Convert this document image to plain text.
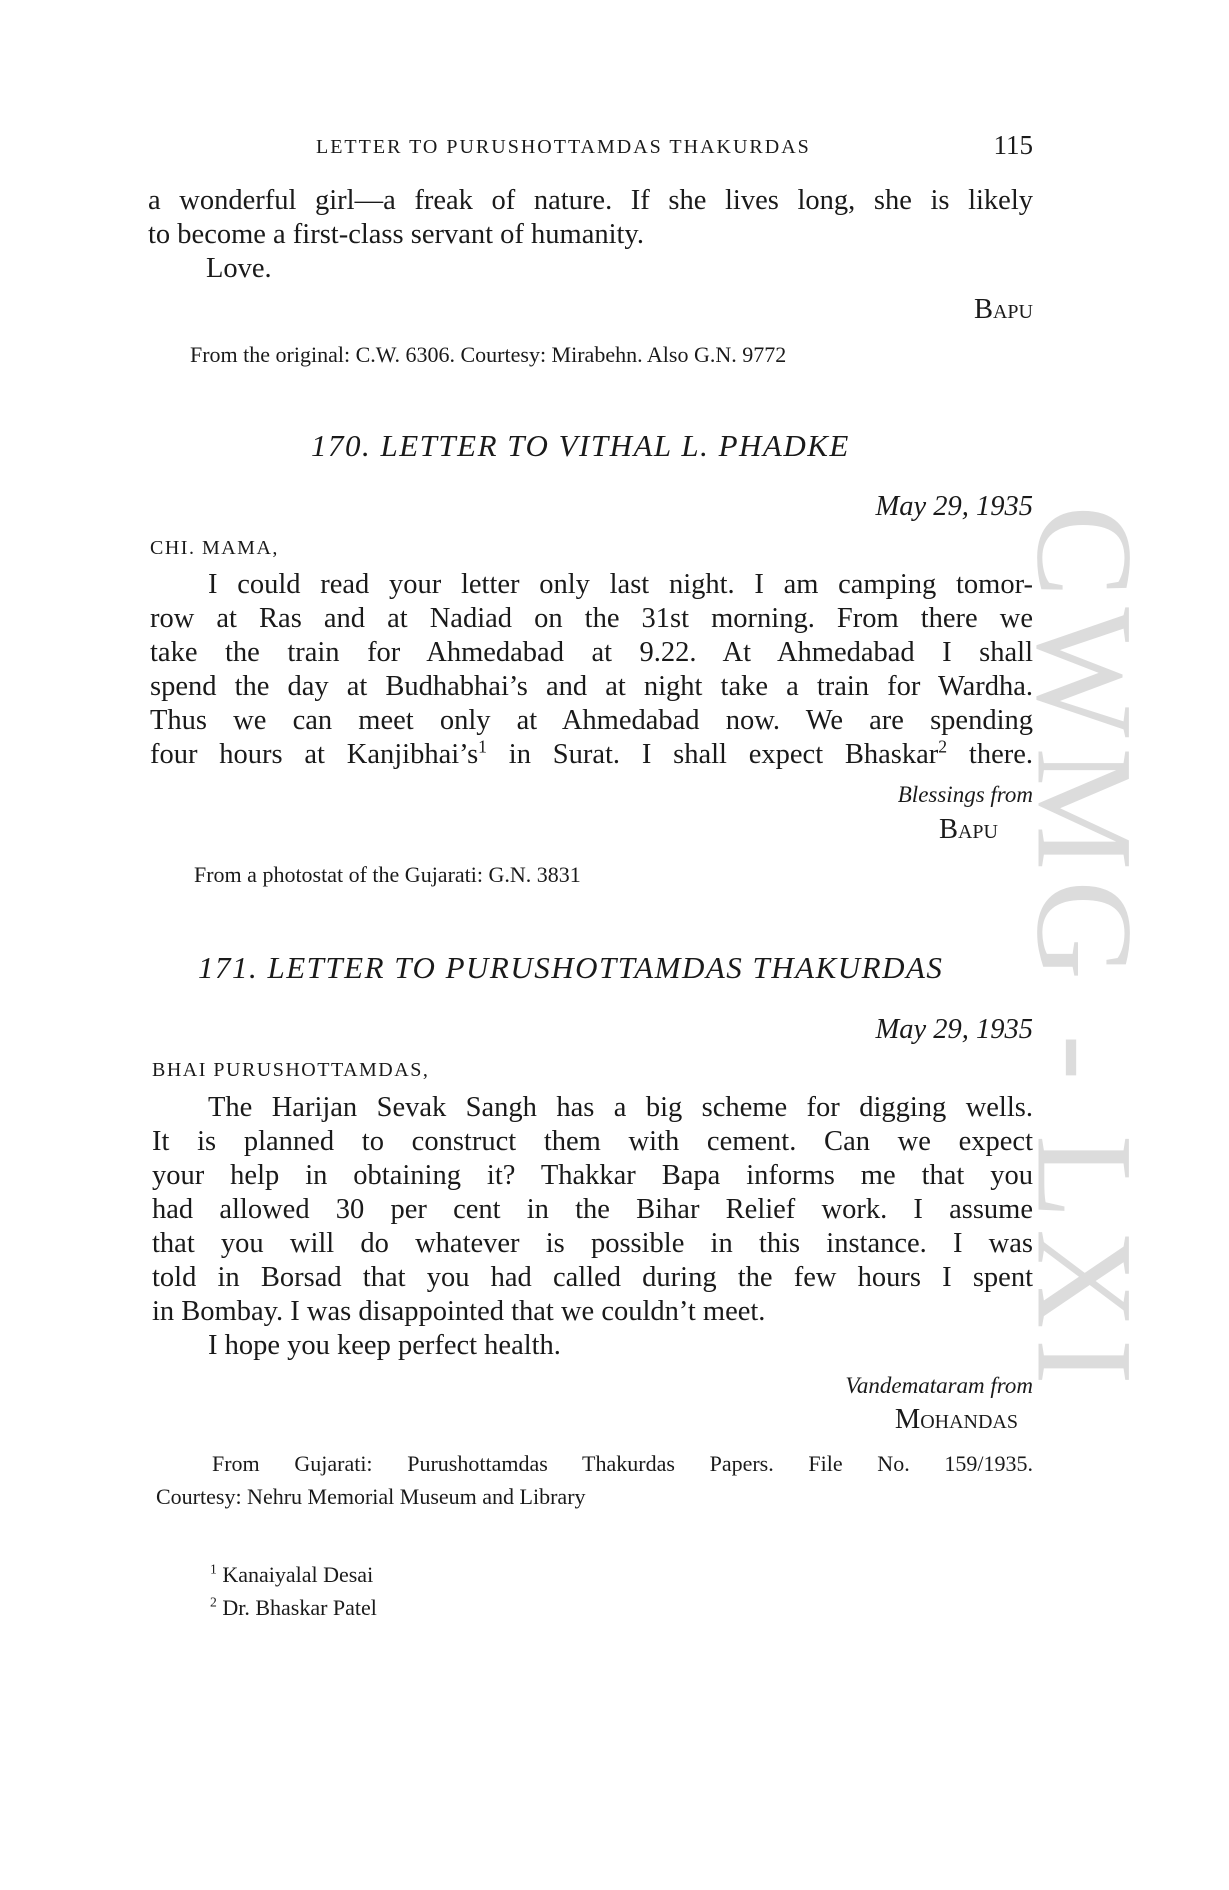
CWMG - LXI
LETTER TO PURUSHOTTAMDAS THAKURDAS	115
a wonderful girl—a freak of nature. If she lives long, she is likely
to become a first-class servant of humanity.
Love.
Bapu
From the original: C.W. 6306. Courtesy: Mirabehn. Also G.N. 9772
170. LETTER TO VITHAL L. PHADKE
May 29, 1935
CHI. MAMA,
I could read your letter only last night. I am camping tomor-
row at Ras and at Nadiad on the 31st morning. From there we
take the train for Ahmedabad at 9.22. At Ahmedabad I shall
spend the day at Budhabhai’s and at night take a train for Wardha.
Thus we can meet only at Ahmedabad now. We are spending
four hours at $Kanjibhai’s^1$ in Surat. I shall expect Bhaskar$^2$ there.
Blessings from
Bapu
From a photostat of the Gujarati: G.N. 3831
171. LETTER TO PURUSHOTTAMDAS THAKURDAS
May 29, 1935
BHAI PURUSHOTTAMDAS,
The Harijan Sevak Sangh has a big scheme for digging wells.
It is planned to construct them with cement. Can we expect
your help in obtaining it? Thakkar Bapa informs me that you
had allowed 30 per cent in the Bihar Relief work. I assume
that you will do whatever is possible in this instance. I was
told in Borsad that you had called during the few hours I spent
in Bombay. I was disappointed that we couldn’t meet.
I hope you keep perfect health.
Vandemataram from
Mohandas
From Gujarati: Purushottamdas Thakurdas Papers. File No. 159/1935.
Courtesy: Nehru Memorial Museum and Library
$^1$ Kanaiyalal Desai
$^2$ Dr. Bhaskar Patel
